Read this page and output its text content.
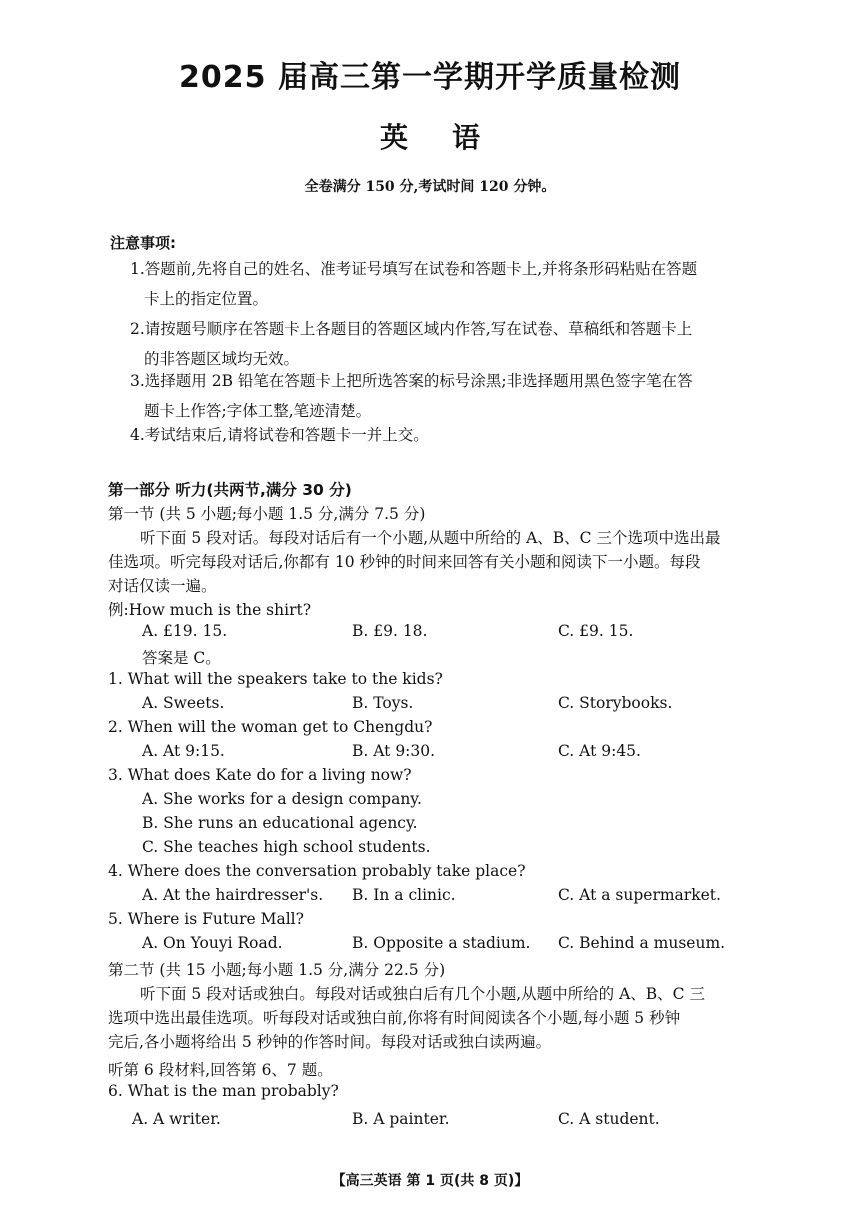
2025 届高三第一学期开学质量检测
英语
全卷满分 150 分,考试时间 120 分钟。
注意事项:
1.答题前,先将自己的姓名、准考证号填写在试卷和答题卡上,并将条形码粘贴在答题
卡上的指定位置。
2.请按题号顺序在答题卡上各题目的答题区域内作答,写在试卷、草稿纸和答题卡上
的非答题区域均无效。
3.选择题用 2B 铅笔在答题卡上把所选答案的标号涂黑;非选择题用黑色签字笔在答
题卡上作答;字体工整,笔迹清楚。
4.考试结束后,请将试卷和答题卡一并上交。
第一部分 听力(共两节,满分 30 分)
第一节 (共 5 小题;每小题 1.5 分,满分 7.5 分)
听下面 5 段对话。每段对话后有一个小题,从题中所给的 A、B、C 三个选项中选出最
佳选项。听完每段对话后,你都有 10 秒钟的时间来回答有关小题和阅读下一小题。每段
对话仅读一遍。
例:How much is the shirt?
A. £19. 15.	B. £9. 18.	C. £9. 15.
答案是 C。
1. What will the speakers take to the kids?
A. Sweets.	B. Toys.	C. Storybooks.
2. When will the woman get to Chengdu?
A. At 9:15.	B. At 9:30.	C. At 9:45.
3. What does Kate do for a living now?
A. She works for a design company.
B. She runs an educational agency.
C. She teaches high school students.
4. Where does the conversation probably take place?
A. At the hairdresser's. B. In a clinic.	C. At a supermarket.
5. Where is Future Mall?
A. On Youyi Road.	B. Opposite a stadium. C. Behind a museum.
第二节 (共 15 小题;每小题 1.5 分,满分 22.5 分)
听下面 5 段对话或独白。每段对话或独白后有几个小题,从题中所给的 A、B、C 三
选项中选出最佳选项。听每段对话或独白前,你将有时间阅读各个小题,每小题 5 秒钟
完后,各小题将给出 5 秒钟的作答时间。每段对话或独白读两遍。
听第 6 段材料,回答第 6、7 题。
6. What is the man probably?
A. A writer.	B. A painter.	C. A student.
【高三英语 第 1 页(共 8 页)】
